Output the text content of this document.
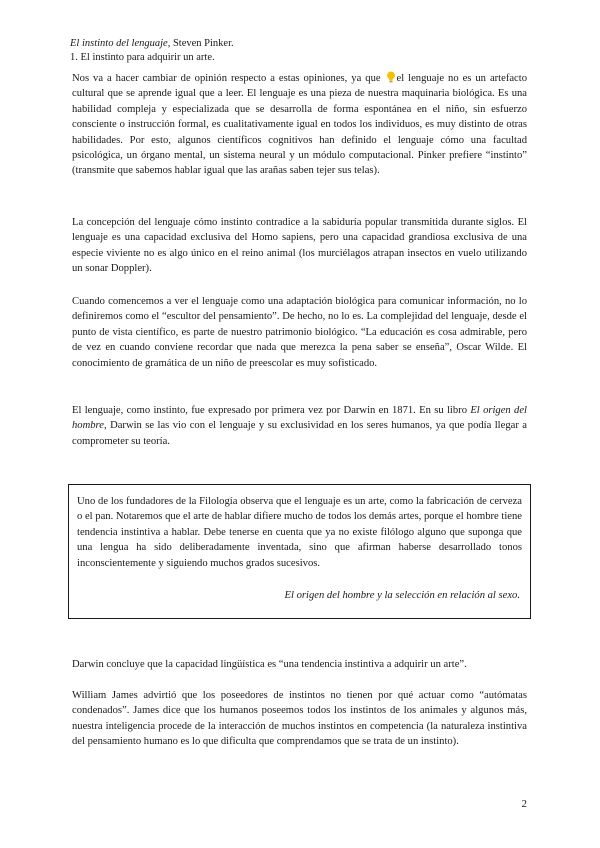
El instinto del lenguaje, Steven Pinker.
1. El instinto para adquirir un arte.

Nos va a hacer cambiar de opinión respecto a estas opiniones, ya que el lenguaje no es un artefacto cultural que se aprende igual que a leer. El lenguaje es una pieza de nuestra maquinaria biológica. Es una habilidad compleja y especializada que se desarrolla de forma espontánea en el niño, sin esfuerzo consciente o instrucción formal, es cualitativamente igual en todos los individuos, es muy distinto de otras habilidades. Por esto, algunos científicos cognitivos han definido el lenguaje cómo una facultad psicológica, un órgano mental, un sistema neural y un módulo computacional. Pinker prefiere “instinto” (transmite que sabemos hablar igual que las arañas saben tejer sus telas).

La concepción del lenguaje cómo instinto contradice a la sabiduría popular transmitida durante siglos. El lenguaje es una capacidad exclusiva del Homo sapiens, pero una capacidad grandiosa exclusiva de una especie viviente no es algo único en el reino animal (los murciélagos atrapan insectos en vuelo utilizando un sonar Doppler).

Cuando comencemos a ver el lenguaje como una adaptación biológica para comunicar información, no lo definiremos como el “escultor del pensamiento”. De hecho, no lo es. La complejidad del lenguaje, desde el punto de vista científico, es parte de nuestro patrimonio biológico. “La educación es cosa admirable, pero de vez en cuando conviene recordar que nada que merezca la pena saber se enseña”, Oscar Wilde. El conocimiento de gramática de un niño de preescolar es muy sofisticado.

El lenguaje, como instinto, fue expresado por primera vez por Darwin en 1871. En su libro El origen del hombre, Darwin se las vio con el lenguaje y su exclusividad en los seres humanos, ya que podía llegar a comprometer su teoría.

Uno de los fundadores de la Filología observa que el lenguaje es un arte, como la fabricación de cerveza o el pan. Notaremos que el arte de hablar difiere mucho de todos los demás artes, porque el hombre tiene tendencia instintiva a hablar. Debe tenerse en cuenta que ya no existe filólogo alguno que suponga que una lengua ha sido deliberadamente inventada, sino que afirman haberse desarrollado tonos inconscientemente y siguiendo muchos grados sucesivos.

El origen del hombre y la selección en relación al sexo.

Darwin concluye que la capacidad lingüística es “una tendencia instintiva a adquirir un arte”.

William James advirtió que los poseedores de instintos no tienen por qué actuar como “autómatas condenados”. James dice que los humanos poseemos todos los instintos de los animales y algunos más, nuestra inteligencia procede de la interacción de muchos instintos en competencia (la naturaleza instintiva del pensamiento humano es lo que dificulta que comprendamos que se trata de un instinto).

2
